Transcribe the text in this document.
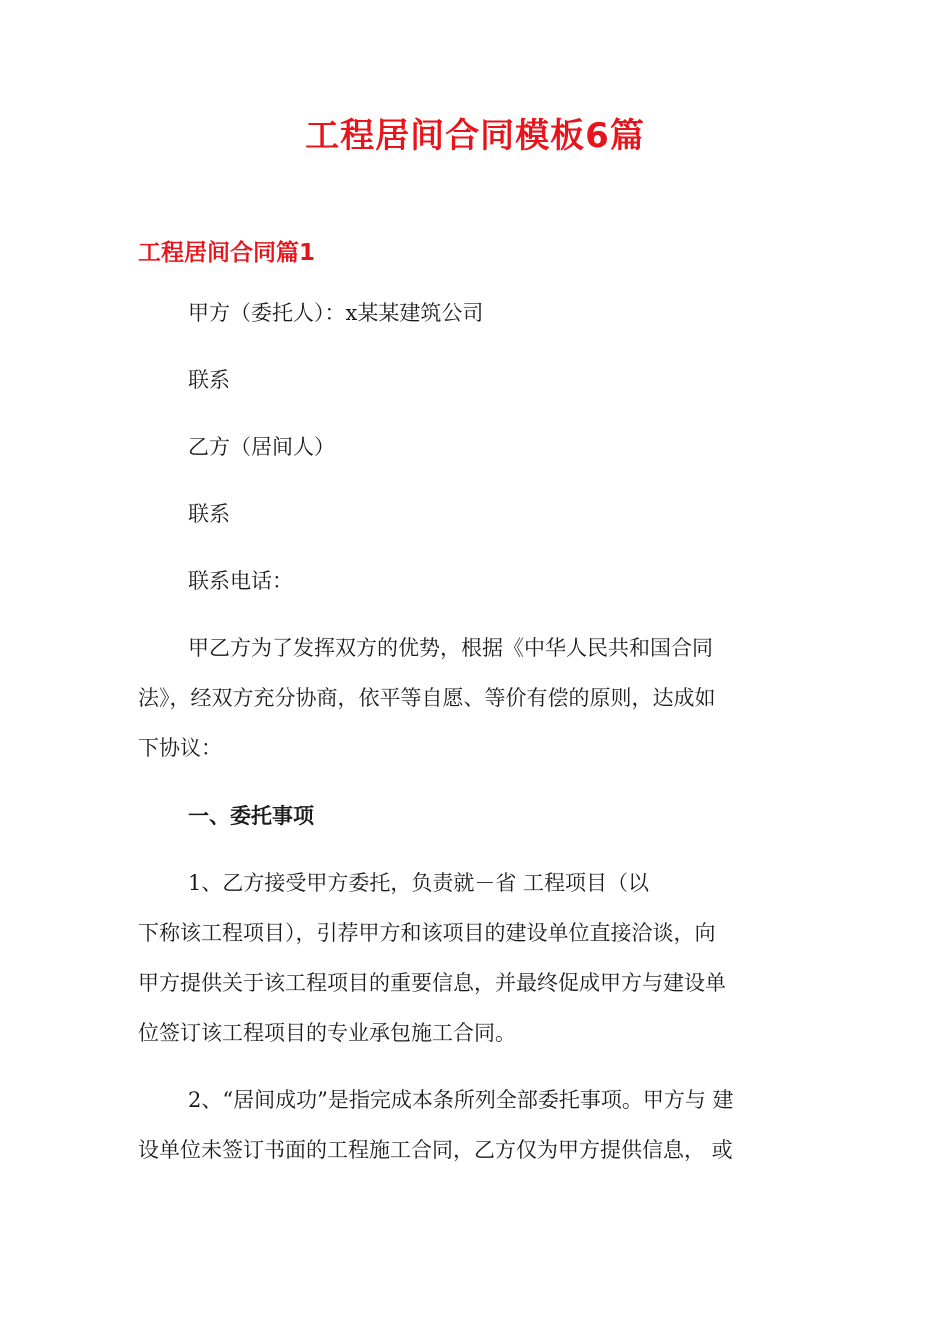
工程居间合同模板6篇
工程居间合同篇1

甲方（委托人）：x某某建筑公司

联系

乙方（居间人）

联系

联系电话：

甲乙方为了发挥双方的优势，根据《中华人民共和国合同

法》，经双方充分协商，依平等自愿、等价有偿的原则，达成如

下协议：

一、委托事项

1、乙方接受甲方委托，负责就－省 工程项目（以

下称该工程项目），引荐甲方和该项目的建设单位直接洽谈，向

甲方提供关于该工程项目的重要信息，并最终促成甲方与建设单

位签订该工程项目的专业承包施工合同。

2、“居间成功”是指完成本条所列全部委托事项。甲方与 建

设单位未签订书面的工程施工合同，乙方仅为甲方提供信息， 或
